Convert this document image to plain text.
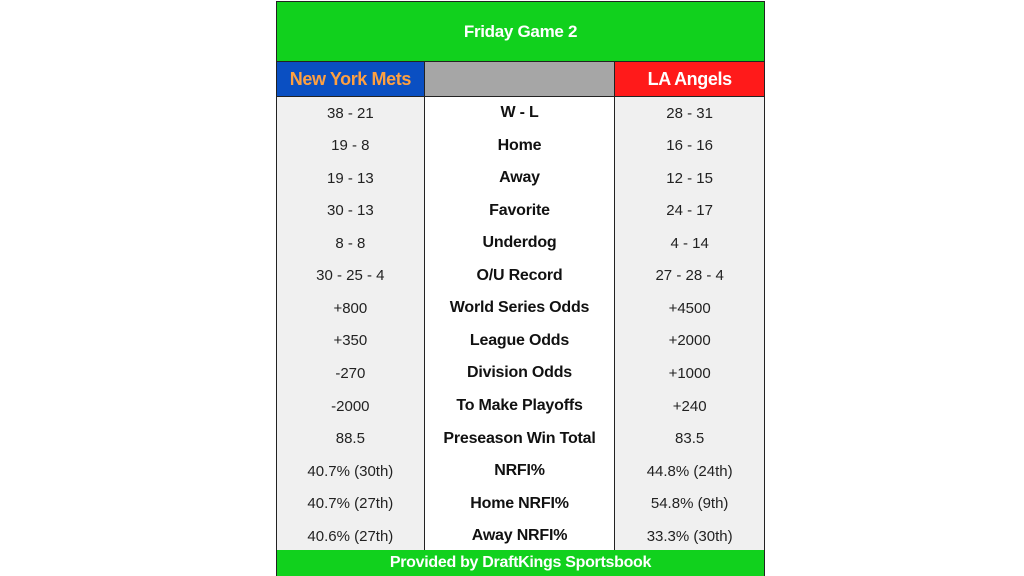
Friday Game 2
New York Mets	LA Angels
38 - 21
19 - 8
19 - 13
30 - 13
8 - 8
30 - 25 - 4
W - L
Home
Away
Favorite
Underdog
O/U Record
28 - 31
16 - 16
12 - 15
24 - 17
4 - 14
27 - 28 - 4
+800
+350
-270
World Series Odds
League Odds
Division Odds
+4500
+2000
+1000
-2000
88.5
To Make Playoffs
Preseason Win Total
+240
83.5
40.7% (30th)
40.7% (27th)
40.6% (27th)
NRFI%
Home NRFI%
Away NRFI%
44.8% (24th)
54.8% (9th)
33.3% (30th)
Provided by DraftKings Sportsbook
